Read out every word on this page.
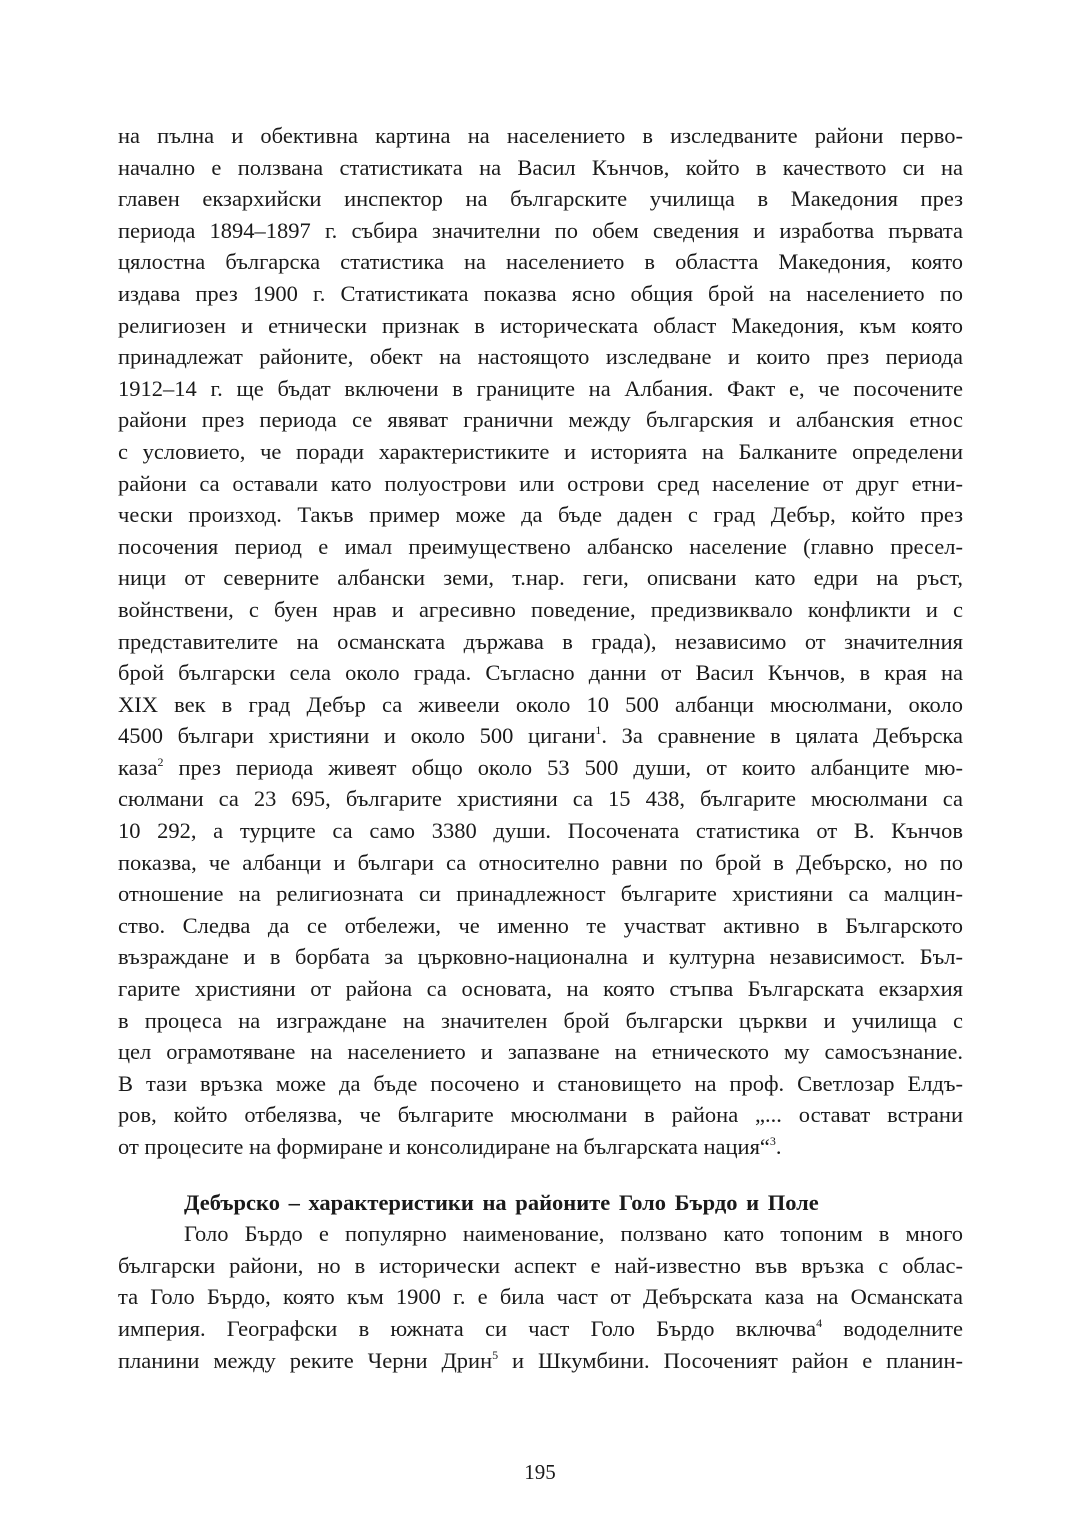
на пълна и обективна картина на населението в изследваните райони перво-
начално е ползвана статистиката на Васил Кънчов, който в качеството си на
главен екзархийски инспектор на българските училища в Македония през
периода 1894–1897 г. събира значителни по обем сведения и изработва първата
цялостна българска статистика на населението в областта Македония, която
издава през 1900 г. Статистиката показва ясно общия брой на населението по
религиозен и етнически признак в историческата област Македония, към която
принадлежат районите, обект на настоящото изследване и които през периода
1912–14 г. ще бъдат включени в границите на Албания. Факт е, че посочените
райони през периода се явяват гранични между българския и албанския етнос
с условието, че поради характеристиките и историята на Балканите определени
райони са оставали като полуострови или острови сред население от друг етни-
чески произход. Такъв пример може да бъде даден с град Дебър, който през
посочения период е имал преимуществено албанско население (главно пресел-
ници от северните албански земи, т.нар. геги, описвани като едри на ръст,
войнствени, с буен нрав и агресивно поведение, предизвиквало конфликти и с
представителите на османската държава в града), независимо от значителния
брой български села около града. Съгласно данни от Васил Кънчов, в края на
XIX век в град Дебър са живеели около 10 500 албанци мюсюлмани, около
4500 българи християни и около 500 цигани$^1$. За сравнение в цялата Дебърска
каза$^2$ през периода живеят общо около 53 500 души, от които албанците мю-
сюлмани са 23 695, българите християни са 15 438, българите мюсюлмани са
10 292, а турците са само 3380 души. Посочената статистика от В. Кънчов
показва, че албанци и българи са относително равни по брой в Дебърско, но по
отношение на религиозната си принадлежност българите християни са малцин-
ство. Следва да се отбележи, че именно те участват активно в Българското
възраждане и в борбата за църковно-национална и културна независимост. Бъл-
гарите християни от района са основата, на която стъпва Българската екзархия
в процеса на изграждане на значителен брой български църкви и училища с
цел ограмотяване на населението и запазване на етническото му самосъзнание.
В тази връзка може да бъде посочено и становището на проф. Светлозар Елдъ-
ров, който отбелязва, че българите мюсюлмани в района „... остават встрани
от процесите на формиране и консолидиране на българската нация“$^3$.
Дебърско – характеристики на районите Голо Бърдо и Поле
Голо Бърдо е популярно наименование, ползвано като топоним в много
български райони, но в исторически аспект е най-известно във връзка с облас-
та Голо Бърдо, която към 1900 г. е била част от Дебърската каза на Османската
империя. Географски в южната си част Голо Бърдо включва$^4$ вододелните
планини между реките Черни Дрин$^5$ и Шкумбини. Посоченият район е планин-
195
